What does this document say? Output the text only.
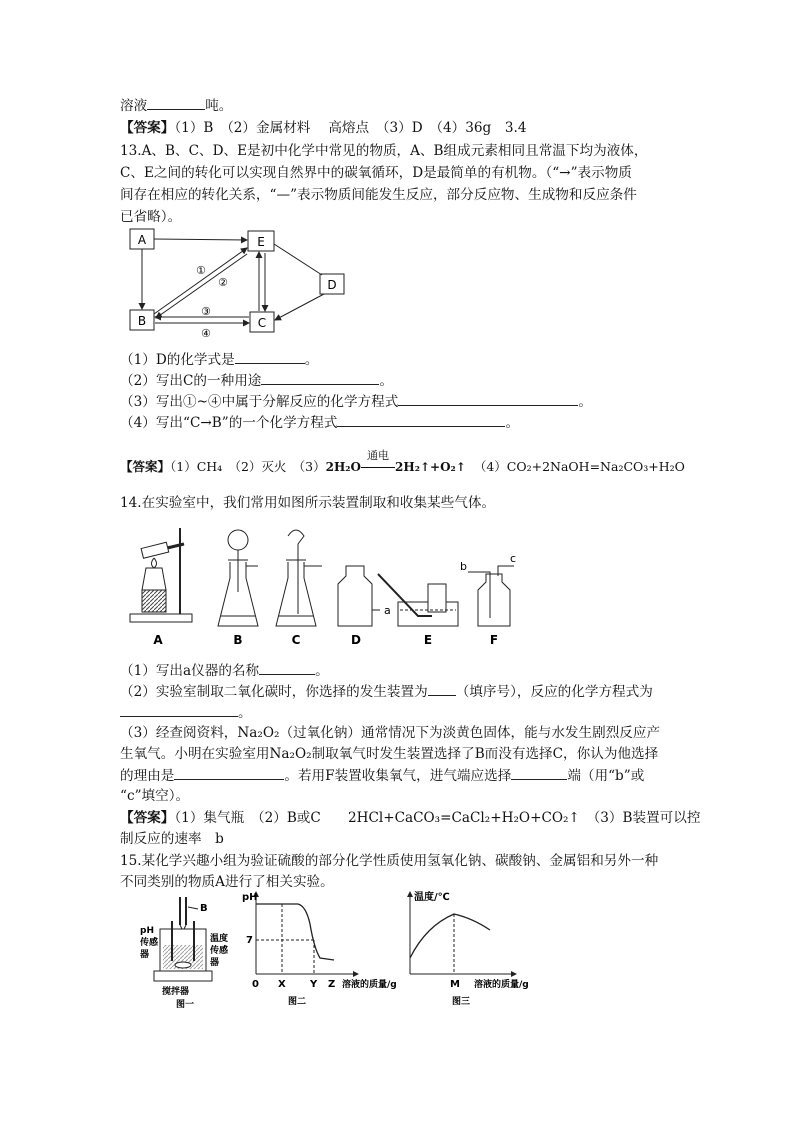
溶液	吨。
【答案】（1）B　（2）金属材料　 高熔点　（3）D　（4）36g　3.4
13.A、B、C、D、E是初中化学中常见的物质，A、B组成元素相同且常温下均为液体，
C、E之间的转化可以实现自然界中的碳氧循环，D是最简单的有机物。（“→”表示物质
间存在相应的转化关系，“—”表示物质间能发生反应，部分反应物、生成物和反应条件
已省略）。
A	E
D
B	C
①
②
③
④
（1）D的化学式是	。
（2）写出C的一种用途	。
（3）写出①~④中属于分解反应的化学方程式	。
（4）写出“C→B”的一个化学方程式	。
【答案】（1）CH₄　（2）灭火　（3）2H₂O
通电
2H₂↑+O₂↑ （4）CO₂+2NaOH=Na₂CO₃+H₂O
14.在实验室中，我们常用如图所示装置制取和收集某些气体。
A	B	C
a
D	E
b
c
F
（1）写出a仪器的名称	。
（2）实验室制取二氧化碳时，你选择的发生装置为 （填序号），反应的化学方程式为
。
（3）经查阅资料，Na₂O₂（过氧化钠）通常情况下为淡黄色固体，能与水发生剧烈反应产
生氧气。小明在实验室用Na₂O₂制取氧气时发生装置选择了B而没有选择C，你认为他选择
的理由是	。若用F装置收集氧气，进气端应选择	端（用“b”或
“c”填空）。
【答案】（1）集气瓶　（2）B或C　　2HCl+CaCO₃=CaCl₂+H₂O+CO₂↑　（3）B装置可以控
制反应的速率　b
15.某化学兴趣小组为验证硫酸的部分化学性质使用氢氧化钠、碳酸钠、金属铝和另外一种
不同类别的物质A进行了相关实验。
B
pH
传感
器
温度
传感
器
搅拌器
图一
pH
7
0 X Y Z 溶液的质量/g
图二
温度/℃
M 溶液的质量/g
图三
